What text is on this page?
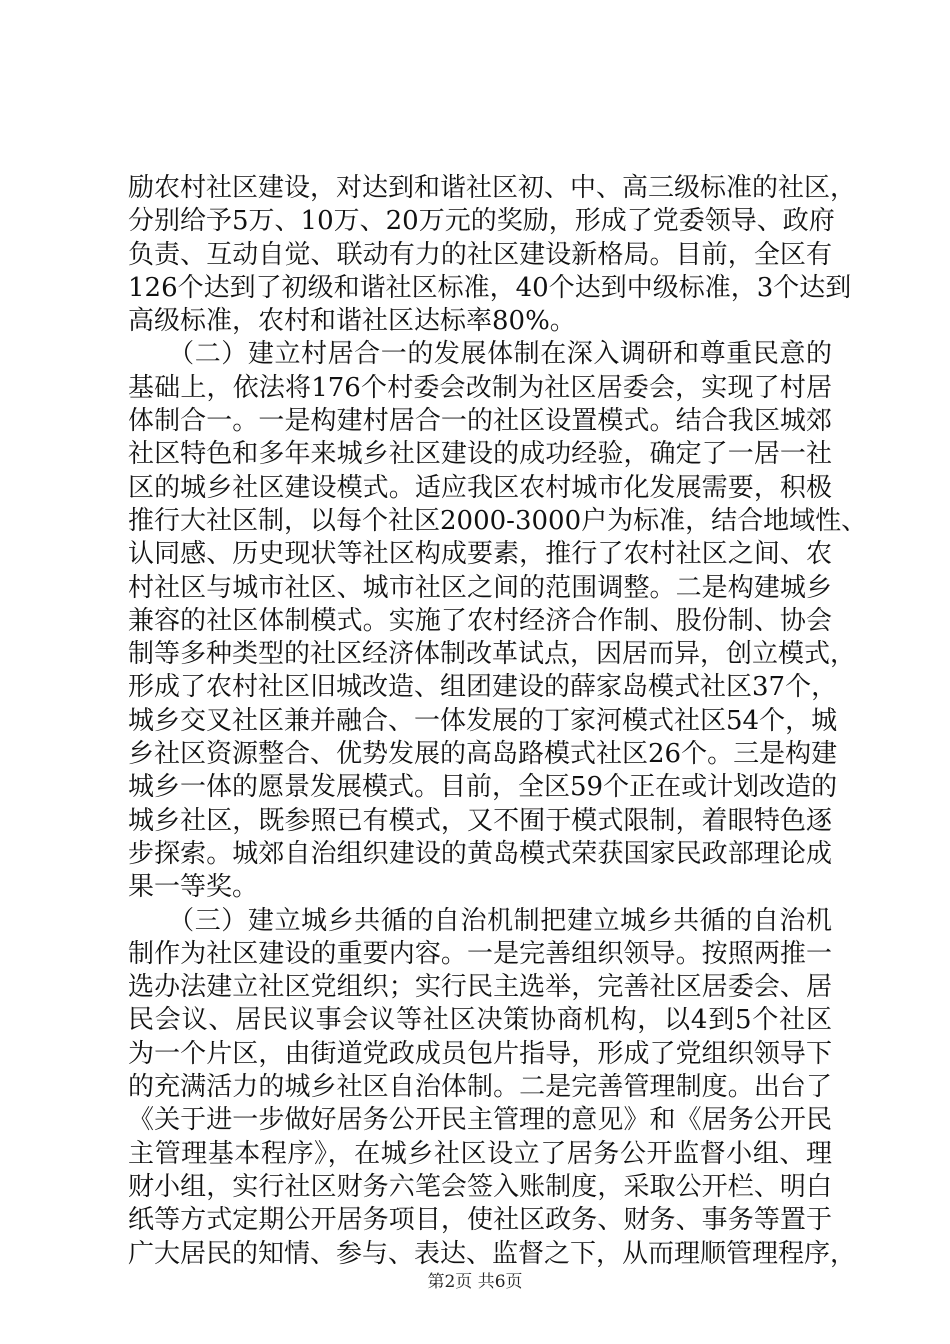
励农村社区建设，对达到和谐社区初、中、高三级标准的社区，
分别给予5万、10万、20万元的奖励，形成了党委领导、政府
负责、互动自觉、联动有力的社区建设新格局。目前，全区有
126个达到了初级和谐社区标准，40个达到中级标准，3个达到
高级标准，农村和谐社区达标率80%。
　　（二）建立村居合一的发展体制在深入调研和尊重民意的
基础上，依法将176个村委会改制为社区居委会，实现了村居
体制合一。一是构建村居合一的社区设置模式。结合我区城郊
社区特色和多年来城乡社区建设的成功经验，确定了一居一社
区的城乡社区建设模式。适应我区农村城市化发展需要，积极
推行大社区制，以每个社区2000-3000户为标准，结合地域性、
认同感、历史现状等社区构成要素，推行了农村社区之间、农
村社区与城市社区、城市社区之间的范围调整。二是构建城乡
兼容的社区体制模式。实施了农村经济合作制、股份制、协会
制等多种类型的社区经济体制改革试点，因居而异，创立模式，
形成了农村社区旧城改造、组团建设的薛家岛模式社区37个，
城乡交叉社区兼并融合、一体发展的丁家河模式社区54个，城
乡社区资源整合、优势发展的高岛路模式社区26个。三是构建
城乡一体的愿景发展模式。目前，全区59个正在或计划改造的
城乡社区，既参照已有模式，又不囿于模式限制，着眼特色逐
步探索。城郊自治组织建设的黄岛模式荣获国家民政部理论成
果一等奖。
　　（三）建立城乡共循的自治机制把建立城乡共循的自治机
制作为社区建设的重要内容。一是完善组织领导。按照两推一
选办法建立社区党组织；实行民主选举，完善社区居委会、居
民会议、居民议事会议等社区决策协商机构，以4到5个社区
为一个片区，由街道党政成员包片指导，形成了党组织领导下
的充满活力的城乡社区自治体制。二是完善管理制度。出台了
《关于进一步做好居务公开民主管理的意见》和《居务公开民
主管理基本程序》，在城乡社区设立了居务公开监督小组、理
财小组，实行社区财务六笔会签入账制度，采取公开栏、明白
纸等方式定期公开居务项目，使社区政务、财务、事务等置于
广大居民的知情、参与、表达、监督之下，从而理顺管理程序，
第2页 共6页
